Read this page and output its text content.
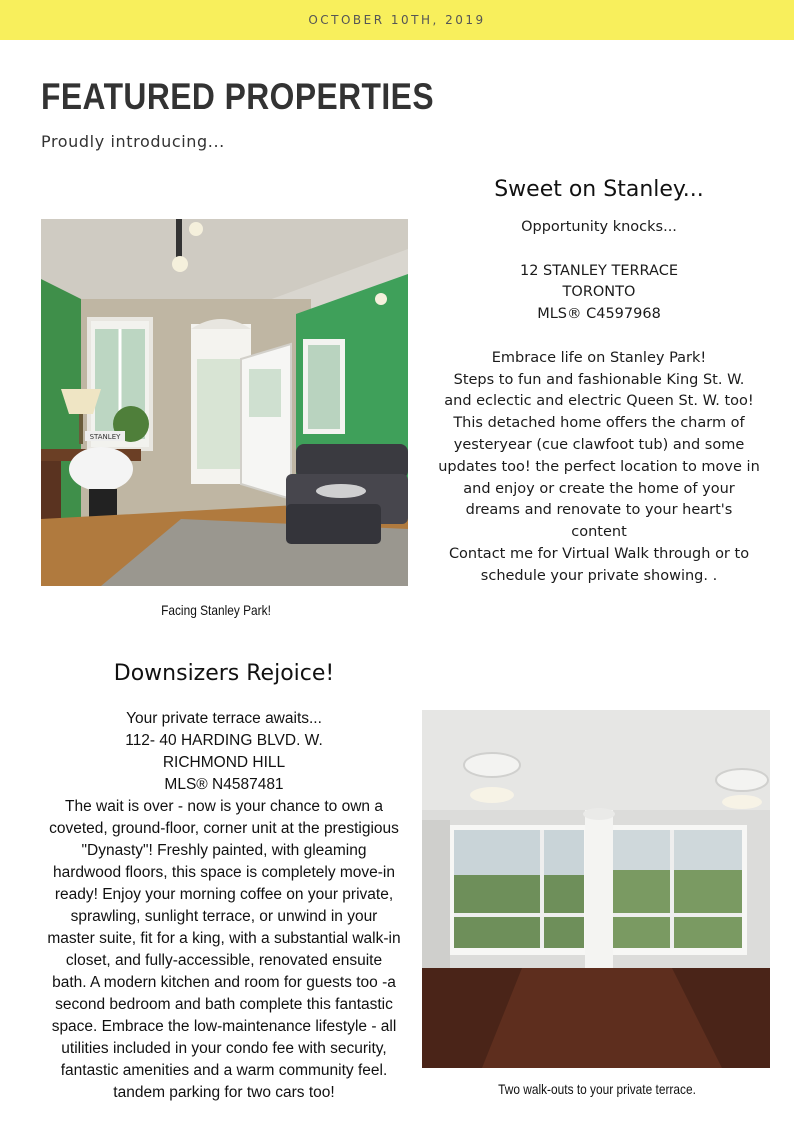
OCTOBER 10TH, 2019
FEATURED PROPERTIES
Proudly introducing...
Sweet on Stanley...
STANLEY
Facing Stanley Park!
Opportunity knocks...
12 STANLEY TERRACE
TORONTO
MLS® C4597968
Embrace life on Stanley Park!
Steps to fun and fashionable King St. W.
and eclectic and electric Queen St. W. too!
This detached home offers the charm of
yesteryear (cue clawfoot tub) and some
updates too! the perfect location to move in
and enjoy or create the home of your
dreams and renovate to your heart's
content
Contact me for Virtual Walk through or to
schedule your private showing. .
Downsizers Rejoice!
Your private terrace awaits...
112- 40 HARDING BLVD. W.
RICHMOND HILL
MLS® N4587481
The wait is over - now is your chance to own a
coveted, ground-floor, corner unit at the prestigious
"Dynasty"! Freshly painted, with gleaming
hardwood floors, this space is completely move-in
ready! Enjoy your morning coffee on your private,
sprawling, sunlight terrace, or unwind in your
master suite, fit for a king, with a substantial walk-in
closet, and fully-accessible, renovated ensuite
bath. A modern kitchen and room for guests too -a
second bedroom and bath complete this fantastic
space. Embrace the low-maintenance lifestyle - all
utilities included in your condo fee with security,
fantastic amenities and a warm community feel.
tandem parking for two cars too!	Two walk-outs to your private terrace.
